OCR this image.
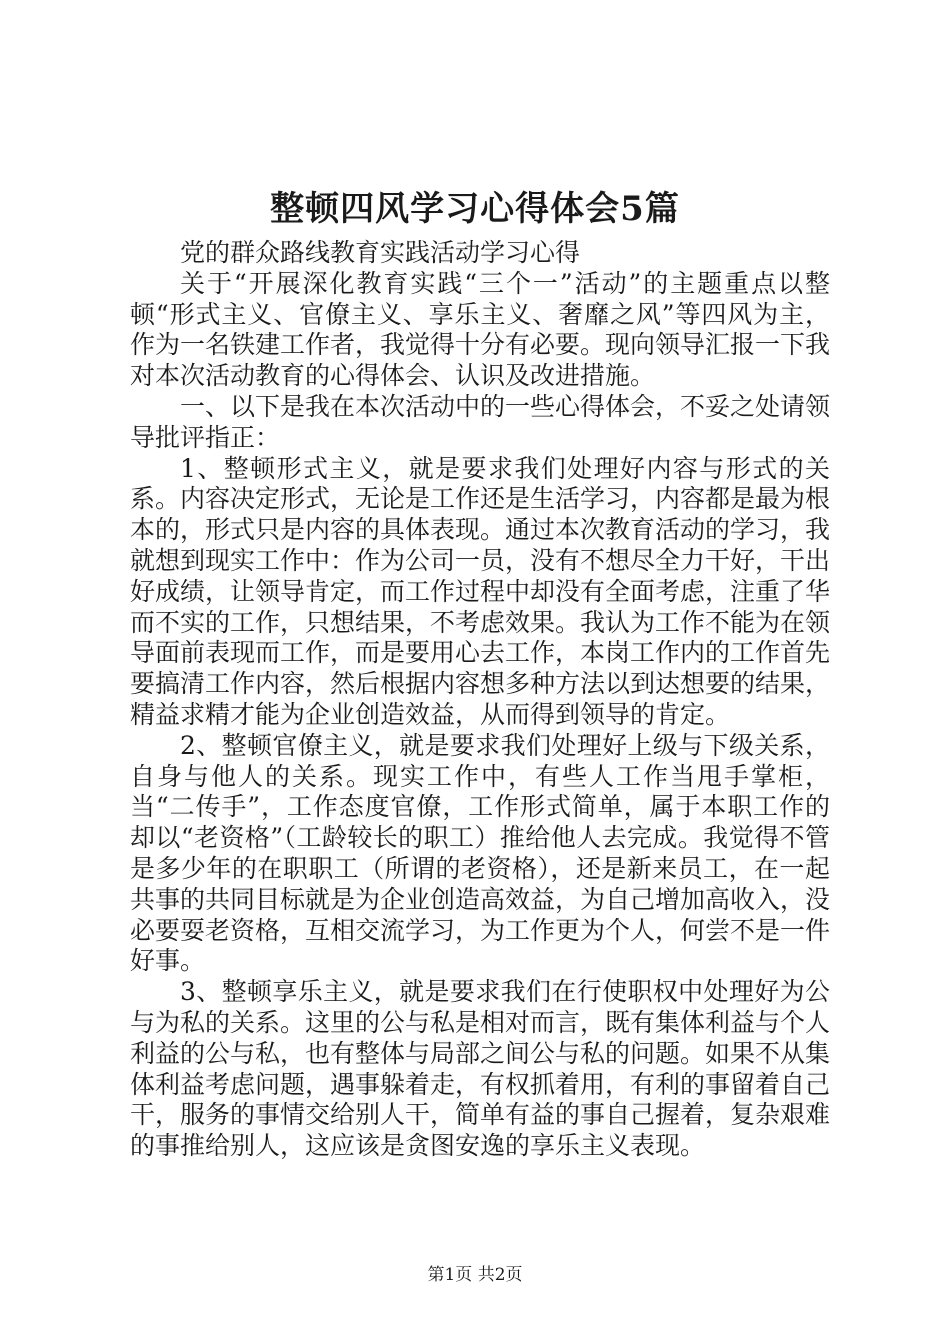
整顿四风学习心得体会5篇

党的群众路线教育实践活动学习心得

关于“开展深化教育实践“三个一”活动”的主题重点以整顿“形式主义、官僚主义、享乐主义、奢靡之风”等四风为主，作为一名铁建工作者，我觉得十分有必要。现向领导汇报一下我对本次活动教育的心得体会、认识及改进措施。

一、以下是我在本次活动中的一些心得体会，不妥之处请领导批评指正：

1、整顿形式主义，就是要求我们处理好内容与形式的关系。内容决定形式，无论是工作还是生活学习，内容都是最为根本的，形式只是内容的具体表现。通过本次教育活动的学习，我就想到现实工作中：作为公司一员，没有不想尽全力干好，干出好成绩，让领导肯定，而工作过程中却没有全面考虑，注重了华而不实的工作，只想结果，不考虑效果。我认为工作不能为在领导面前表现而工作，而是要用心去工作，本岗工作内的工作首先要搞清工作内容，然后根据内容想多种方法以到达想要的结果，精益求精才能为企业创造效益，从而得到领导的肯定。

2、整顿官僚主义，就是要求我们处理好上级与下级关系，自身与他人的关系。现实工作中，有些人工作当甩手掌柜，当“二传手”，工作态度官僚，工作形式简单，属于本职工作的却以“老资格”（工龄较长的职工）推给他人去完成。我觉得不管是多少年的在职职工（所谓的老资格），还是新来员工，在一起共事的共同目标就是为企业创造高效益，为自己增加高收入，没必要耍老资格，互相交流学习，为工作更为个人，何尝不是一件好事。

3、整顿享乐主义，就是要求我们在行使职权中处理好为公与为私的关系。这里的公与私是相对而言，既有集体利益与个人利益的公与私，也有整体与局部之间公与私的问题。如果不从集体利益考虑问题，遇事躲着走，有权抓着用，有利的事留着自己干，服务的事情交给别人干，简单有益的事自己握着，复杂艰难的事推给别人，这应该是贪图安逸的享乐主义表现。

第1页 共2页
